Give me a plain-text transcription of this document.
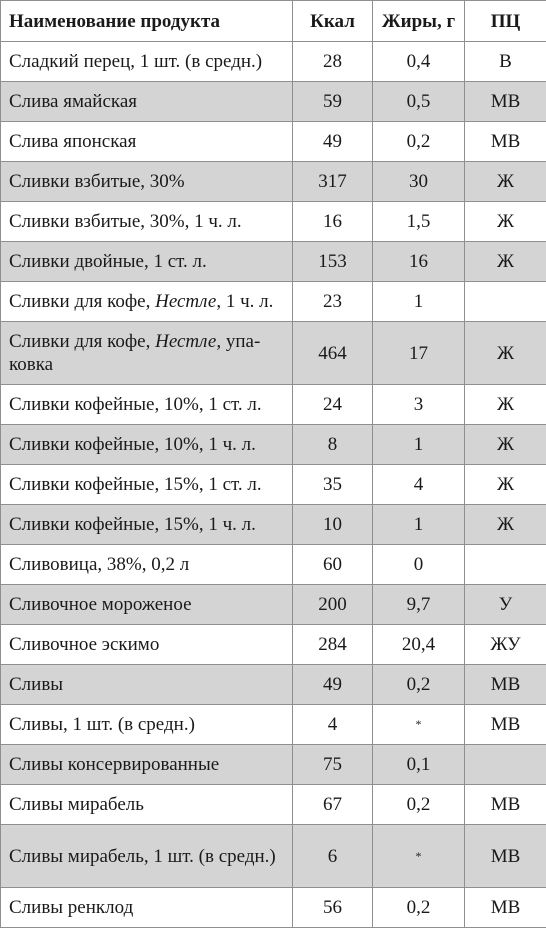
Наименование продукта	Ккал	Жиры, г	ПЦ
Сладкий перец, 1 шт. (в средн.)	28	0,4	В
Слива ямайская	59	0,5	МВ
Слива японская	49	0,2	МВ
Сливки взбитые, 30%	317	30	Ж
Сливки взбитые, 30%, 1 ч. л.	16	1,5	Ж
Сливки двойные, 1 ст. л.	153	16	Ж
Сливки для кофе, Нестле, 1 ч. л.	23	1	
Сливки для кофе, Нестле, упа-ковка	464	17	Ж
Сливки кофейные, 10%, 1 ст. л.	24	3	Ж
Сливки кофейные, 10%, 1 ч. л.	8	1	Ж
Сливки кофейные, 15%, 1 ст. л.	35	4	Ж
Сливки кофейные, 15%, 1 ч. л.	10	1	Ж
Сливовица, 38%, 0,2 л	60	0	
Сливочное мороженое	200	9,7	У
Сливочное эскимо	284	20,4	ЖУ
Сливы	49	0,2	МВ
Сливы, 1 шт. (в средн.)	4	*	МВ
Сливы консервированные	75	0,1	
Сливы мирабель	67	0,2	МВ
Сливы мирабель, 1 шт. (в средн.)	6	*	МВ
Сливы ренклод	56	0,2	МВ
